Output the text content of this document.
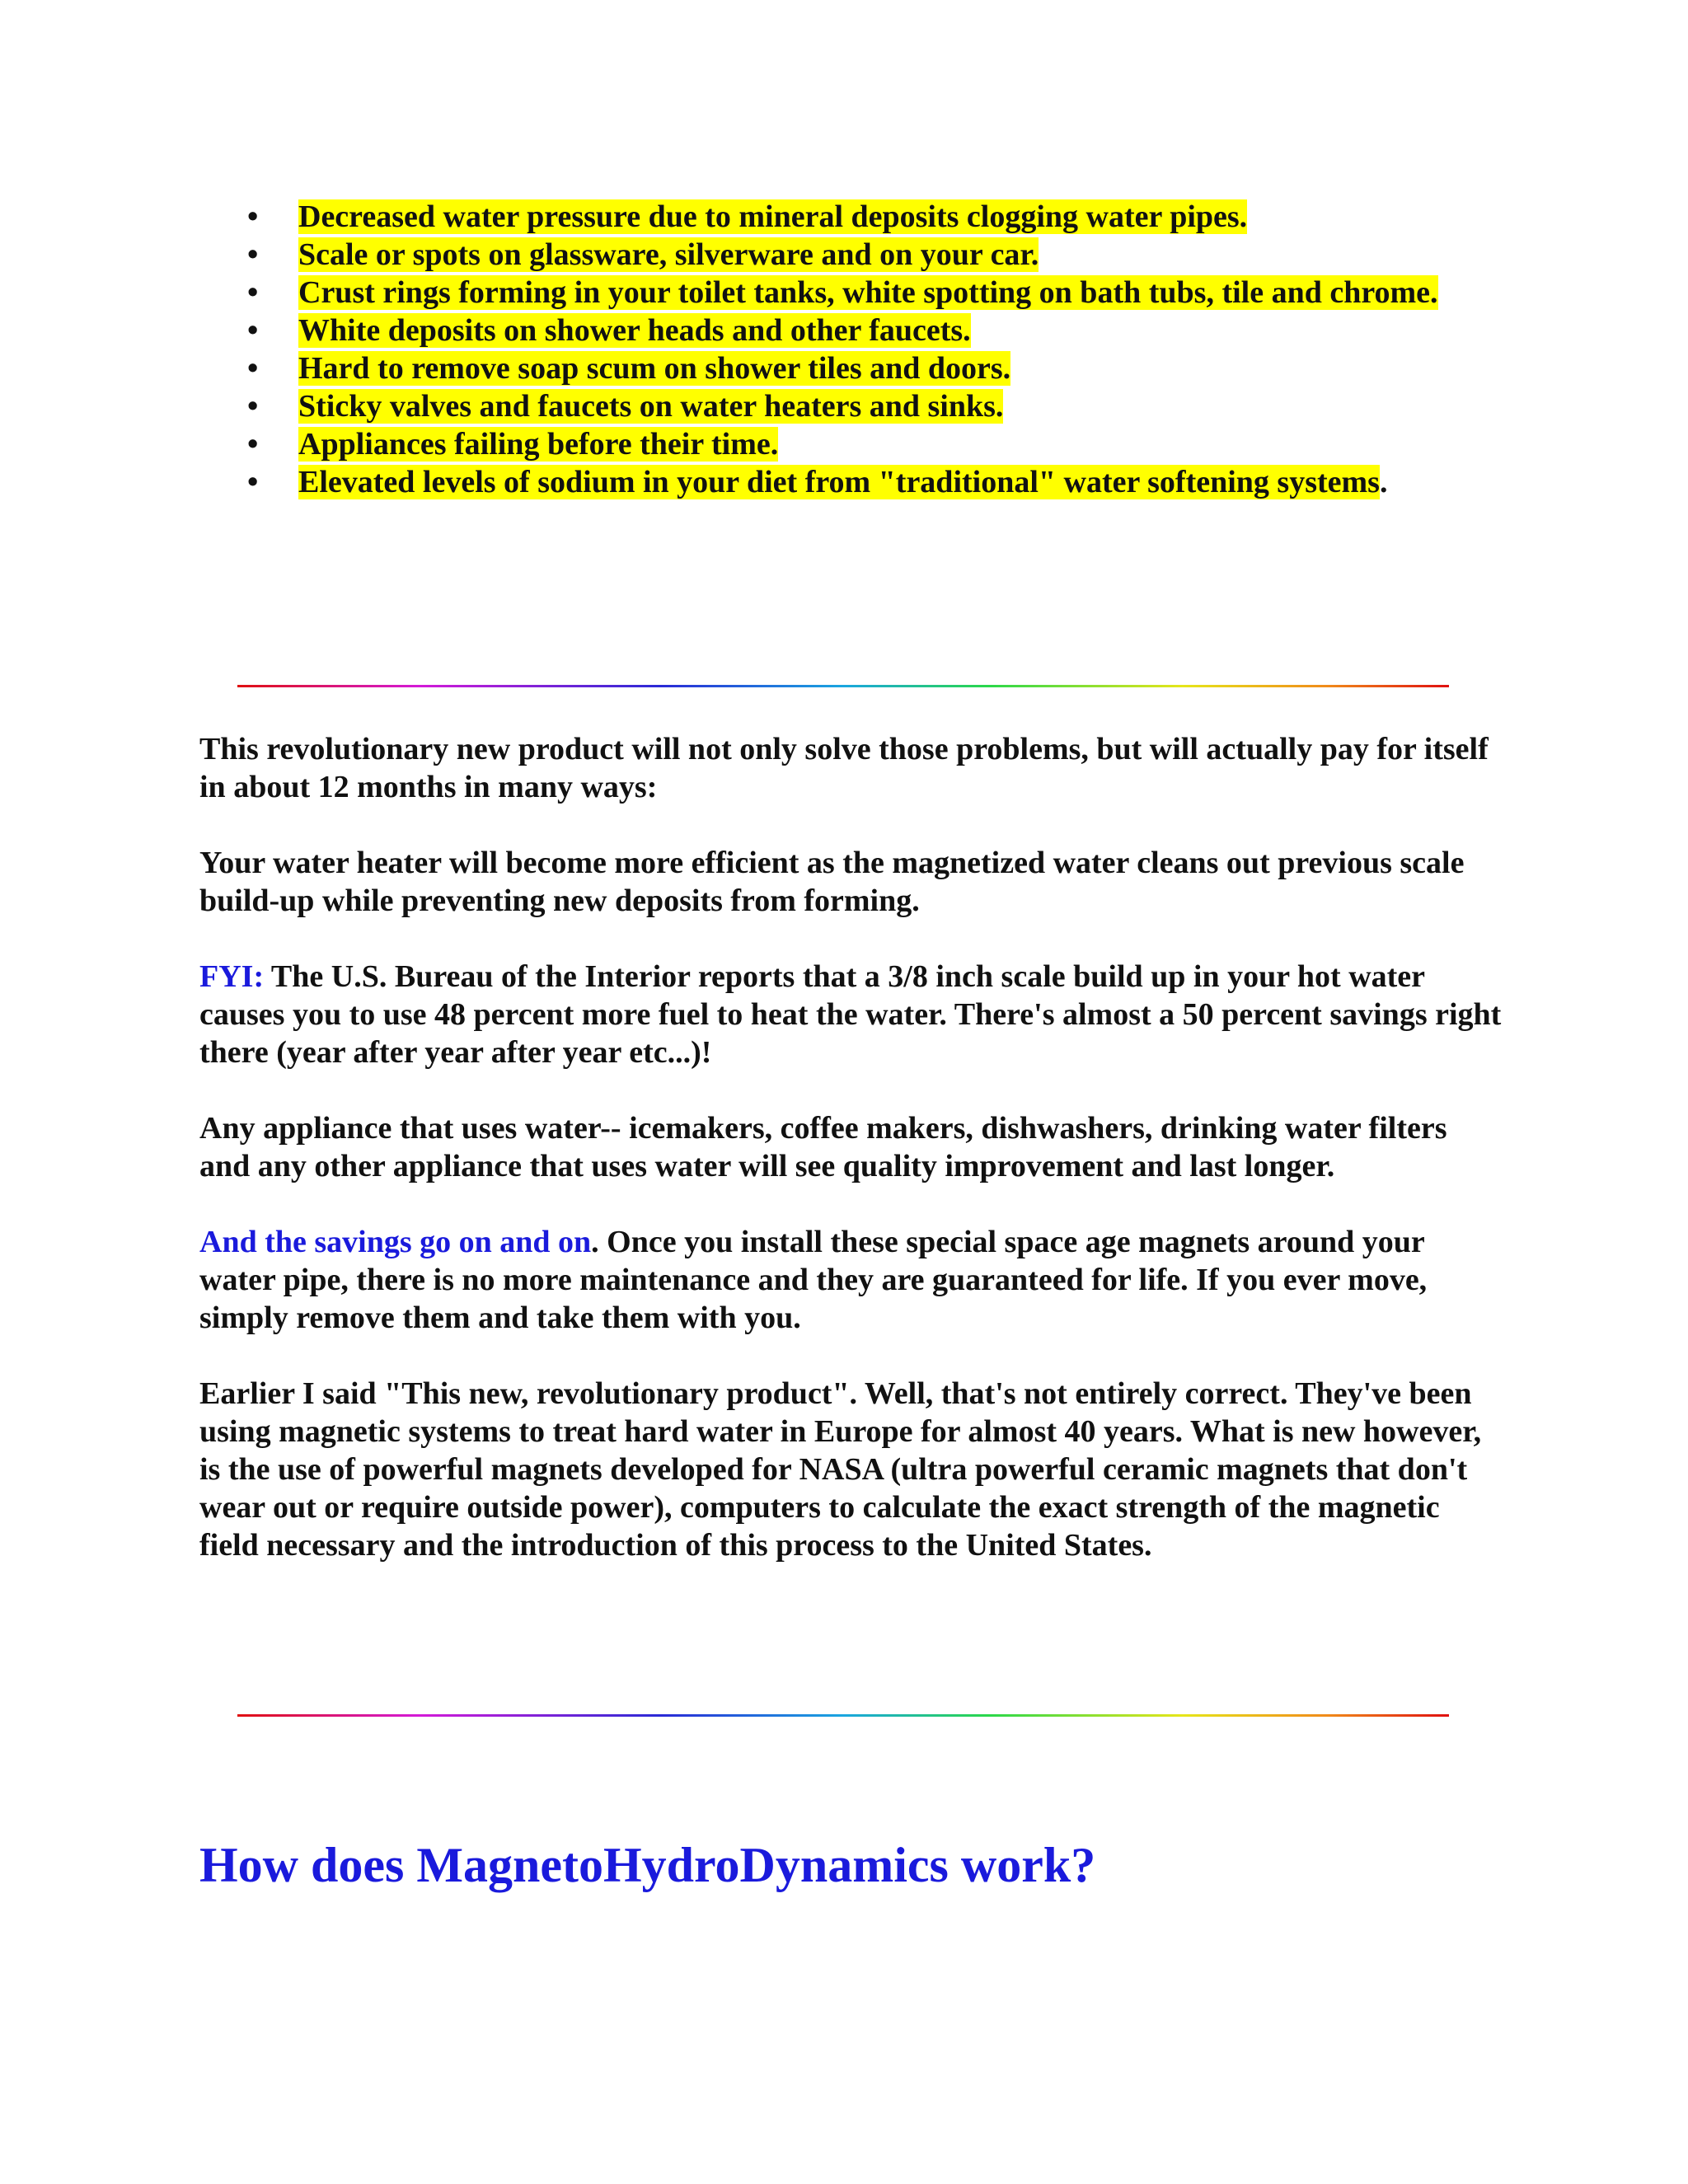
•	Decreased water pressure due to mineral deposits clogging water pipes.
•	Scale or spots on glassware, silverware and on your car.
•	Crust rings forming in your toilet tanks, white spotting on bath tubs, tile and chrome.
•	White deposits on shower heads and other faucets.
•	Hard to remove soap scum on shower tiles and doors.
•	Sticky valves and faucets on water heaters and sinks.
•	Appliances failing before their time.
•	Elevated levels of sodium in your diet from "traditional" water softening systems.

This revolutionary new product will not only solve those problems, but will actually pay for itself in about 12 months in many ways:

Your water heater will become more efficient as the magnetized water cleans out previous scale build-up while preventing new deposits from forming.

FYI: The U.S. Bureau of the Interior reports that a 3/8 inch scale build up in your hot water causes you to use 48 percent more fuel to heat the water. There's almost a 50 percent savings right there (year after year after year etc...)!

Any appliance that uses water-- icemakers, coffee makers, dishwashers, drinking water filters and any other appliance that uses water will see quality improvement and last longer.

And the savings go on and on. Once you install these special space age magnets around your water pipe, there is no more maintenance and they are guaranteed for life. If you ever move, simply remove them and take them with you.

Earlier I said "This new, revolutionary product". Well, that's not entirely correct. They've been using magnetic systems to treat hard water in Europe for almost 40 years. What is new however, is the use of powerful magnets developed for NASA (ultra powerful ceramic magnets that don't wear out or require outside power), computers to calculate the exact strength of the magnetic field necessary and the introduction of this process to the United States.

How does MagnetoHydroDynamics work?
